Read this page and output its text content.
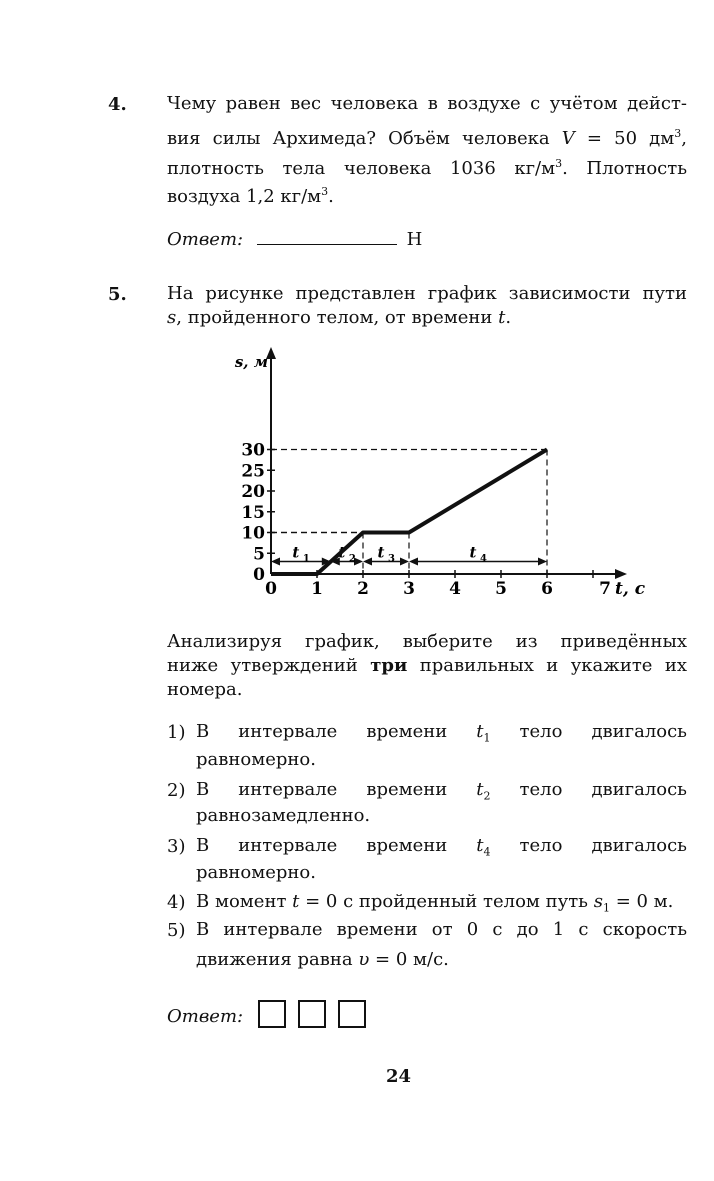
4. Чему равен вес человека в воздухе с учётом дейст-
вия силы Архимеда? Объём человека V = 50 $дм^3$,
плотность тела человека 1036 $кг/м^3$. Плотность
воздуха 1,2 $кг/м^3$.
Ответ:	Н
5. На рисунке представлен график зависимости пути
s, пройденного телом, от времени t.
0 1 2 3 4 5 6	7 t, с
0
5
10
15
20
25
30
s, м
t 1 t 2 t 3	t 4
Анализируя график, выберите из приведённых
ниже утверждений три правильных и укажите их
номера.
1) В интервале времени $t_1$ тело двигалось
равномерно.
2) В интервале времени $t_2$ тело двигалось
равнозамедленно.
3) В интервале времени $t_4$ тело двигалось
равномерно.
4) В момент t = 0 с пройденный телом путь $s_1 = 0$ м.
5) В интервале времени от 0 с до 1 с скорость
движения равна υ = 0 м/с.
Ответ:
24
